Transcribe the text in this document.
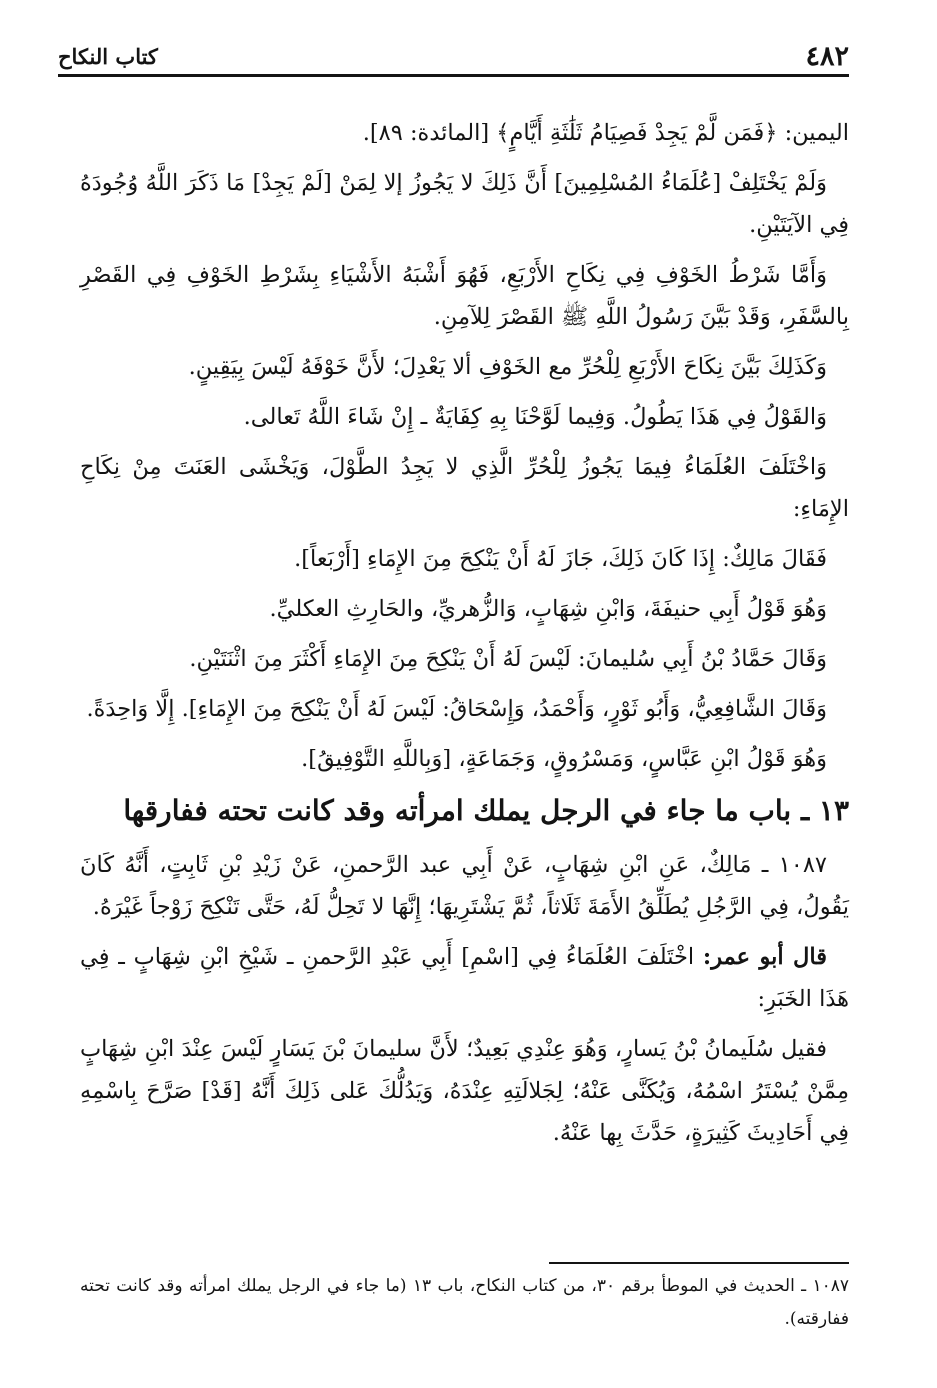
٤٨٢
كتاب النكاح

اليمين: ﴿فَمَن لَّمْ يَجِدْ فَصِيَامُ ثَلَٰثَةِ أَيَّامٍ﴾ [المائدة: ٨٩].

وَلَمْ يَخْتَلِفْ [عُلَمَاءُ المُسْلِمِينَ] أَنَّ ذَلِكَ لا يَجُوزُ إلا لِمَنْ [لَمْ يَجِدْ] مَا ذَكَرَ اللَّهُ وُجُودَهُ فِي الآيَتَيْنِ.

وَأَمَّا شَرْطُ الخَوْفِ فِي نِكَاحِ الأَرْبَعِ، فَهُوَ أَشْبَهُ الأَشْيَاءِ بِشَرْطِ الخَوْفِ فِي القَصْرِ بِالسَّفَرِ، وَقَدْ بَيَّنَ رَسُولُ اللَّهِ ﷺ القَصْرَ لِلآمِنِ.

وَكَذَلِكَ بَيَّنَ نِكَاحَ الأَرْبَعِ لِلْحُرِّ مع الخَوْفِ ألا يَعْدِلَ؛ لأَنَّ خَوْفَهُ لَيْسَ بِيَقِينٍ.

وَالقَوْلُ فِي هَذَا يَطُولُ. وَفِيما لَوَّحْنَا بِهِ كِفَايَةٌ ـ إِنْ شَاءَ اللَّهُ تَعالى.

وَاخْتَلَفَ العُلَمَاءُ فِيمَا يَجُوزُ لِلْحُرِّ الَّذِي لا يَجِدُ الطَّوْلَ، وَيَخْشَى العَنَتَ مِنْ نِكَاحِ الإِمَاءِ:

فَقَالَ مَالِكٌ: إِذَا كَانَ ذَلِكَ، جَازَ لَهُ أَنْ يَنْكِحَ مِنَ الإِمَاءِ [أَرْبَعاً].

وَهُوَ قَوْلُ أَبِي حنيفَةَ، وَابْنِ شِهَابٍ، وَالزُّهريِّ، والحَارِثِ العكليِّ.

وَقَالَ حَمَّادُ بْنُ أَبِي سُليمانَ: لَيْسَ لَهُ أَنْ يَنْكِحَ مِنَ الإِمَاءِ أَكْثَرَ مِنَ اثْنَتَيْنِ.

وَقَالَ الشَّافِعِيُّ، وَأَبُو ثَوْرٍ، وَأَحْمَدُ، وَإِسْحَاقُ: لَيْسَ لَهُ أَنْ يَنْكِحَ مِنَ الإِمَاءِ]. إِلَّا وَاحِدَةً.

وَهُوَ قَوْلُ ابْنِ عَبَّاسٍ، وَمَسْرُوقٍ، وَجَمَاعَةٍ، [وَبِاللَّهِ التَّوْفِيقُ].

١٣ ـ باب ما جاء في الرجل يملك امرأته وقد كانت تحته ففارقها

١٠٨٧ ـ مَالِكٌ، عَنِ ابْنِ شِهَابٍ، عَنْ أَبِي عبد الرَّحمنِ، عَنْ زَيْدِ بْنِ ثَابِتٍ، أَنَّهُ كَانَ يَقُولُ، فِي الرَّجُلِ يُطَلِّقُ الأَمَةَ ثَلَاثاً، ثُمَّ يَشْتَرِيهَا؛ إِنَّهَا لا تَحِلُّ لَهُ، حَتَّى تَنْكِحَ زَوْجاً غَيْرَهُ.

قال أبو عمر: اخْتَلَفَ العُلَمَاءُ فِي [اسْمِ] أَبِي عَبْدِ الرَّحمنِ ـ شَيْخِ ابْنِ شِهَابٍ ـ فِي هَذَا الخَبَرِ:

فقيل سُلَيمانُ بْنُ يَسارٍ، وَهُوَ عِنْدِي بَعِيدٌ؛ لأَنَّ سليمانَ بْنَ يَسَارٍ لَيْسَ عِنْدَ ابْنِ شِهَابٍ مِمَّنْ يُسْتَرُ اسْمُهُ، وَيُكَنَّى عَنْهُ؛ لِجَلالَتِهِ عِنْدَهُ، وَيَدُلُّكَ عَلى ذَلِكَ أَنَّهُ [قَدْ] صَرَّحَ بِاسْمِهِ فِي أَحَادِيثَ كَثِيرَةٍ، حَدَّثَ بِها عَنْهُ.

١٠٨٧ ـ الحديث في الموطأ برقم ٣٠، من كتاب النكاح، باب ١٣ (ما جاء في الرجل يملك امرأته وقد كانت تحته ففارقته).
